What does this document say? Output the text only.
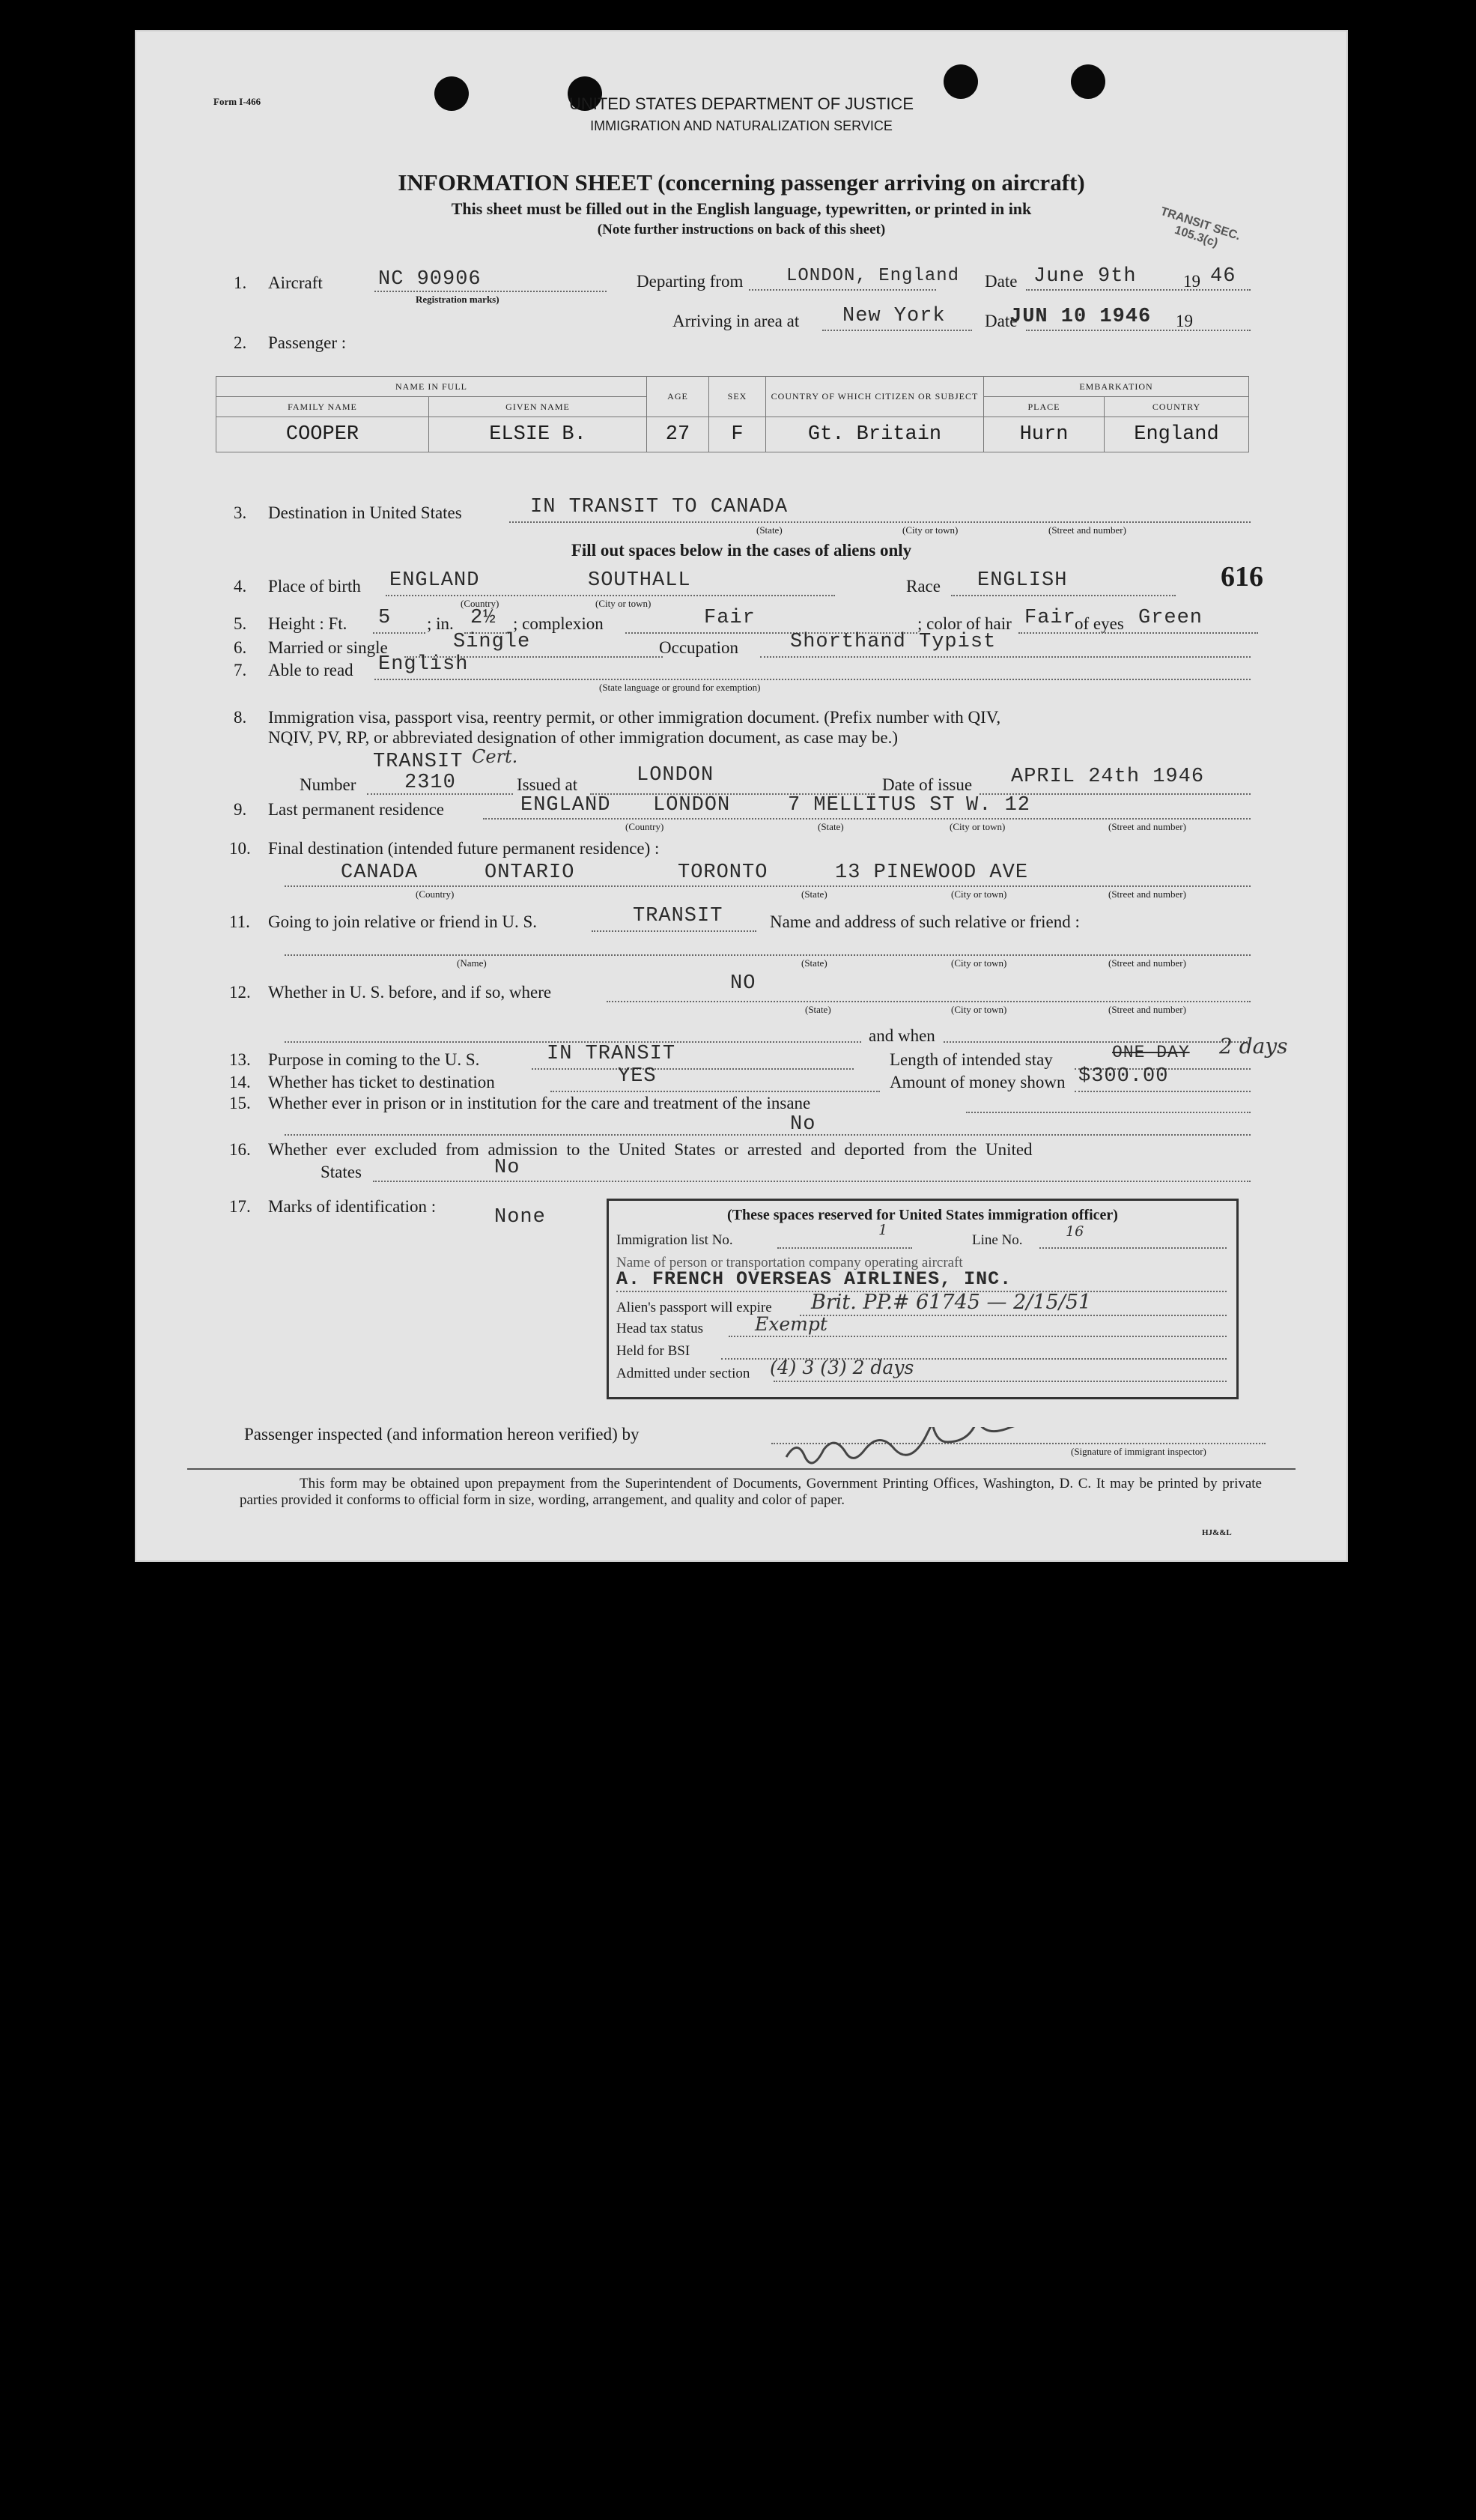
Form I-466	UNITED STATES DEPARTMENT OF JUSTICE
IMMIGRATION AND NATURALIZATION SERVICE
INFORMATION SHEET (concerning passenger arriving on aircraft)
This sheet must be filled out in the English language, typewritten, or printed in ink
(Note further instructions on back of this sheet)	TRANSIT SEC. 105.3(c)
1. Aircraft	NC 90906
Registration marks)
Departing from LONDON, England Date June 9th	19 46
Arriving in area at New York Date
JUN 10 1946 19
2. Passenger :
NAME IN FULL		AGE	SEX	COUNTRY OF WHICH CITIZEN OR SUBJECT	EMBARKATION	
FAMILY NAME	GIVEN NAME				PLACE	COUNTRY
COOPER	ELSIE B.	27	F	Gt. Britain	Hurn	England
3. Destination in United States	IN TRANSIT TO CANADA
(State)	(City or town)	(Street and number)
Fill out spaces below in the cases of aliens only
4. Place of birth ENGLAND	SOUTHALL
(Country)	(City or town)
Race ENGLISH	616
5. Height : Ft. 5 ; in. 2½ ; complexion	Fair	; color of hair Fair
of eyes Green
6. Married or single	Single	Occupation	Shorthand Typist
7. Able to read English
(State language or ground for exemption)
8. Immigration visa, passport visa, reentry permit, or other immigration document. (Prefix number with QIV,
NQIV, PV, RP, or abbreviated designation of other immigration document, as case may be.)
TRANSIT Cert.
Number 2310	Issued at	LONDON	Date of issue APRIL 24th 1946
9. Last permanent residence	ENGLAND LONDON	7 MELLITUS ST W. 12
(Country)	(State)	(City or town)	(Street and number)
10. Final destination (intended future permanent residence) :
CANADA	ONTARIO	TORONTO	13 PINEWOOD AVE
(Country)	(State)	(City or town)	(Street and number)
11. Going to join relative or friend in U. S.	TRANSIT	Name and address of such relative or friend :
(Name)	(State)	(City or town)	(Street and number)
12. Whether in U. S. before, and if so, where	NO
(State)	(City or town)	(Street and number)
and when
13. Purpose in coming to the U. S.	IN TRANSIT	Length of intended stay	ONE DAY 2 days
14. Whether has ticket to destination	YES	Amount of money shown $300.00
15. Whether ever in prison or in institution for the care and treatment of the insane
No
16. Whether ever excluded from admission to the United States or arrested and deported from the United
States	No
17. Marks of identification :	None	(These spaces reserved for United States immigration officer)
Immigration list No.
1
Line No.
16
Name of person or transportation company operating aircraft
A. FRENCH OVERSEAS AIRLINES, INC.
Alien's passport will expire Brit. PP.# 61745 — 2/15/51
Head tax status	Exempt
Held for BSI
Admitted under section (4) 3 (3) 2 days
Passenger inspected (and information hereon verified) by
(Signature of immigrant inspector)
This form may be obtained upon prepayment from the Superintendent of Documents, Government Printing Offices, Washington, D. C. It may be printed by private parties provided it conforms to official form in size, wording, arrangement, and quality and color of paper.
HJ&&L
